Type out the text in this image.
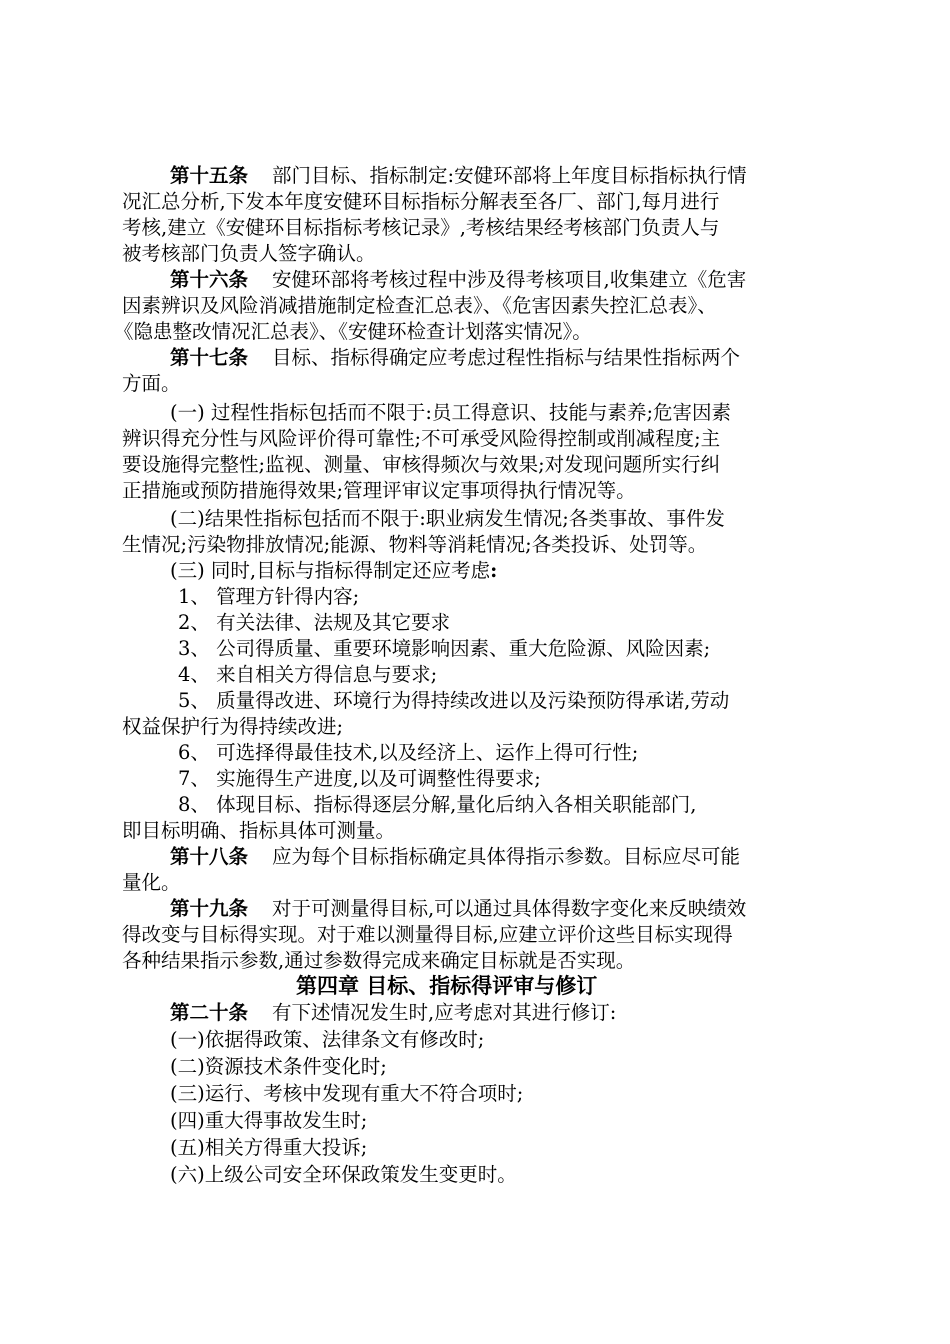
第十五条 部门目标、指标制定:安健环部将上年度目标指标执行情
况汇总分析,下发本年度安健环目标指标分解表至各厂、部门,每月进行
考核,建立《安健环目标指标考核记录》,考核结果经考核部门负责人与
被考核部门负责人签字确认。
第十六条 安健环部将考核过程中涉及得考核项目,收集建立《危害
因素辨识及风险消减措施制定检查汇总表》、《危害因素失控汇总表》、
《隐患整改情况汇总表》、《安健环检查计划落实情况》。
第十七条 目标、指标得确定应考虑过程性指标与结果性指标两个
方面。
(一) 过程性指标包括而不限于:员工得意识、技能与素养;危害因素
辨识得充分性与风险评价得可靠性;不可承受风险得控制或削减程度;主
要设施得完整性;监视、测量、审核得频次与效果;对发现问题所实行纠
正措施或预防措施得效果;管理评审议定事项得执行情况等。
(二)结果性指标包括而不限于:职业病发生情况;各类事故、事件发
生情况;污染物排放情况;能源、物料等消耗情况;各类投诉、处罚等。
(三) 同时,目标与指标得制定还应考虑:
1、 管理方针得内容;
2、 有关法律、法规及其它要求
3、 公司得质量、重要环境影响因素、重大危险源、风险因素;
4、 来自相关方得信息与要求;
5、 质量得改进、环境行为得持续改进以及污染预防得承诺,劳动
权益保护行为得持续改进;
6、 可选择得最佳技术,以及经济上、运作上得可行性;
7、 实施得生产进度,以及可调整性得要求;
8、 体现目标、指标得逐层分解,量化后纳入各相关职能部门,
即目标明确、指标具体可测量。
第十八条 应为每个目标指标确定具体得指示参数。目标应尽可能
量化。
第十九条 对于可测量得目标,可以通过具体得数字变化来反映绩效
得改变与目标得实现。对于难以测量得目标,应建立评价这些目标实现得
各种结果指示参数,通过参数得完成来确定目标就是否实现。
第四章 目标、指标得评审与修订
第二十条 有下述情况发生时,应考虑对其进行修订:
(一)依据得政策、法律条文有修改时;
(二)资源技术条件变化时;
(三)运行、考核中发现有重大不符合项时;
(四)重大得事故发生时;
(五)相关方得重大投诉;
(六)上级公司安全环保政策发生变更时。
